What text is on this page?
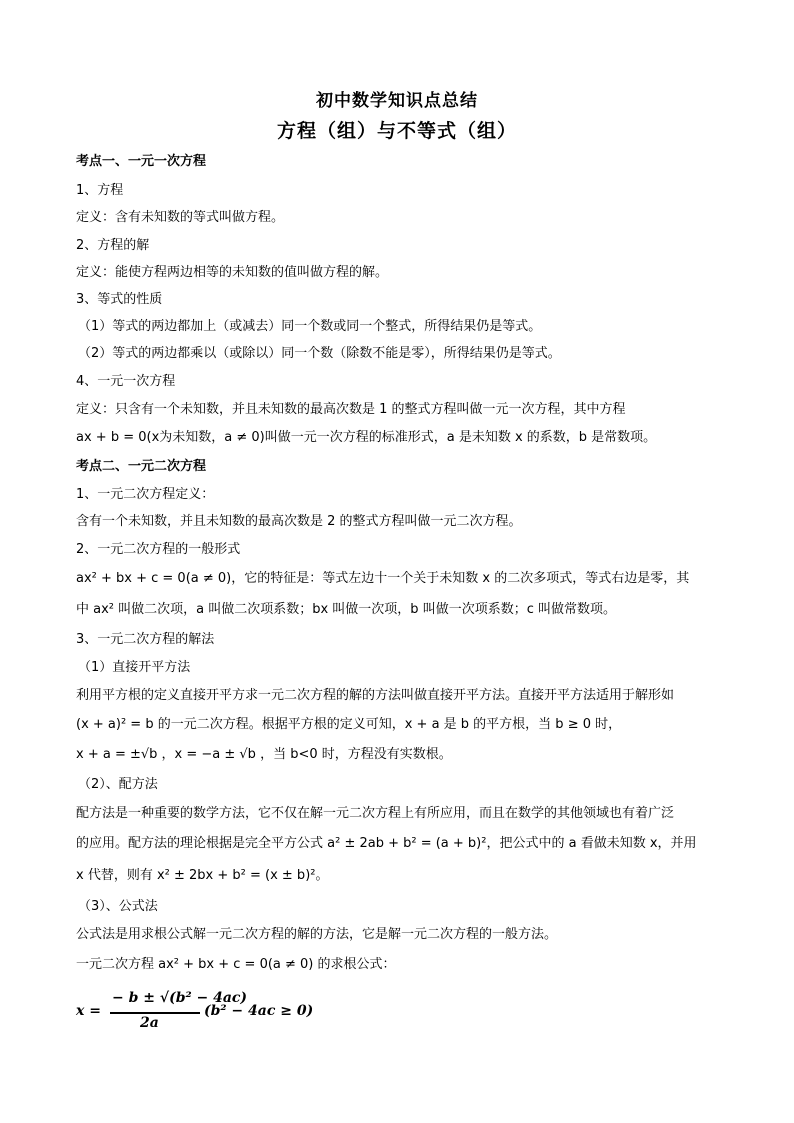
初中数学知识点总结
方程（组）与不等式（组）
考点一、一元一次方程
1、方程
定义：含有未知数的等式叫做方程。
2、方程的解
定义：能使方程两边相等的未知数的值叫做方程的解。
3、等式的性质
（1）等式的两边都加上（或减去）同一个数或同一个整式，所得结果仍是等式。
（2）等式的两边都乘以（或除以）同一个数（除数不能是零），所得结果仍是等式。
4、一元一次方程
定义：只含有一个未知数，并且未知数的最高次数是 1 的整式方程叫做一元一次方程，其中方程
ax + b = 0(x为未知数，a ≠ 0)叫做一元一次方程的标准形式，a 是未知数 x 的系数，b 是常数项。
考点二、一元二次方程
1、一元二次方程定义：
含有一个未知数，并且未知数的最高次数是 2 的整式方程叫做一元二次方程。
2、一元二次方程的一般形式
ax² + bx + c = 0(a ≠ 0)，它的特征是：等式左边十一个关于未知数 x 的二次多项式，等式右边是零，其
中 ax² 叫做二次项，a 叫做二次项系数；bx 叫做一次项，b 叫做一次项系数；c 叫做常数项。
3、一元二次方程的解法
（1）直接开平方法
利用平方根的定义直接开平方求一元二次方程的解的方法叫做直接开平方法。直接开平方法适用于解形如
(x + a)² = b 的一元二次方程。根据平方根的定义可知，x + a 是 b 的平方根，当 b ≥ 0 时，
x + a = ±√b ，x = −a ± √b ，当 b<0 时，方程没有实数根。
（2）、配方法
配方法是一种重要的数学方法，它不仅在解一元二次方程上有所应用，而且在数学的其他领域也有着广泛
的应用。配方法的理论根据是完全平方公式 a² ± 2ab + b² = (a + b)²，把公式中的 a 看做未知数 x，并用
x 代替，则有 x² ± 2bx + b² = (x ± b)²。
（3）、公式法
公式法是用求根公式解一元二次方程的解的方法，它是解一元二次方程的一般方法。
一元二次方程 ax² + bx + c = 0(a ≠ 0) 的求根公式：
x =
− b ± √(b² − 4ac)
2a
(b² − 4ac ≥ 0)
